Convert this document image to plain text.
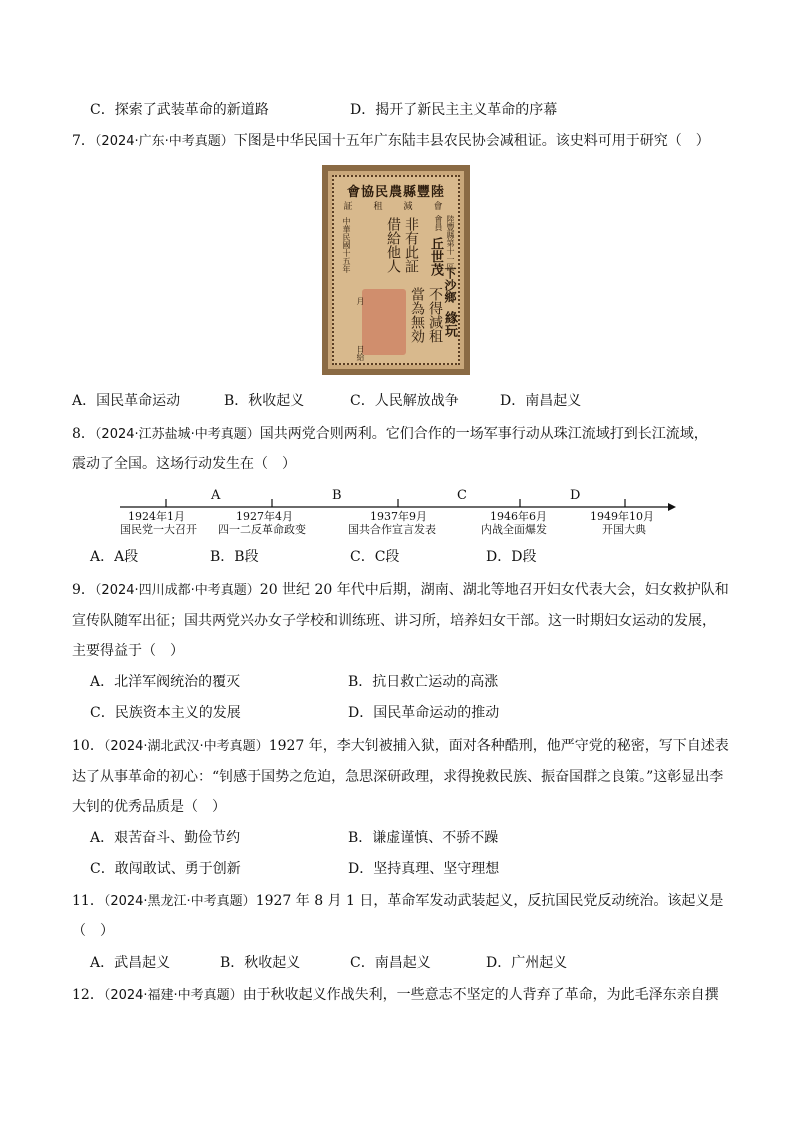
C．探索了武装革命的新道路	D．揭开了新民主主义革命的序幕
7．（2024·广东·中考真题）下图是中华民国十五年广东陆丰县农民协会减租证。该史料可用于研究（　）
會協民農縣豐陸
証　租　減　會
陸豐縣第十一區
會員
丘世茂
下沙鄉
緣玩
非有此証
借給他人
不得減租
當為無効
中華民國十五年
月
日給
A．国民革命运动	B．秋收起义	C．人民解放战争	D．南昌起义
8．（2024·江苏盐城·中考真题）国共两党合则两利。它们合作的一场军事行动从珠江流域打到长江流域，
震动了全国。这场行动发生在（　）
A	B	C	D
1924年1月
国民党一大召开
1927年4月
四一二反革命政变
1937年9月
国共合作宣言发表
1946年6月
内战全面爆发
1949年10月
开国大典
A．A段	B．B段	C．C段	D．D段
9．（2024·四川成都·中考真题）20 世纪 20 年代中后期，湖南、湖北等地召开妇女代表大会，妇女救护队和
宣传队随军出征；国共两党兴办女子学校和训练班、讲习所，培养妇女干部。这一时期妇女运动的发展，
主要得益于（　）
A．北洋军阀统治的覆灭	B．抗日救亡运动的高涨
C．民族资本主义的发展	D．国民革命运动的推动
10．（2024·湖北武汉·中考真题）1927 年，李大钊被捕入狱，面对各种酷刑，他严守党的秘密，写下自述表
达了从事革命的初心：“钊感于国势之危迫，急思深研政理，求得挽救民族、振奋国群之良策。”这彰显出李
大钊的优秀品质是（　）
A．艰苦奋斗、勤俭节约	B．谦虚谨慎、不骄不躁
C．敢闯敢试、勇于创新	D．坚持真理、坚守理想
11．（2024·黑龙江·中考真题）1927 年 8 月 1 日，革命军发动武装起义，反抗国民党反动统治。该起义是
（　）
A．武昌起义	B．秋收起义	C．南昌起义	D．广州起义
12．（2024·福建·中考真题）由于秋收起义作战失利，一些意志不坚定的人背弃了革命，为此毛泽东亲自撰
